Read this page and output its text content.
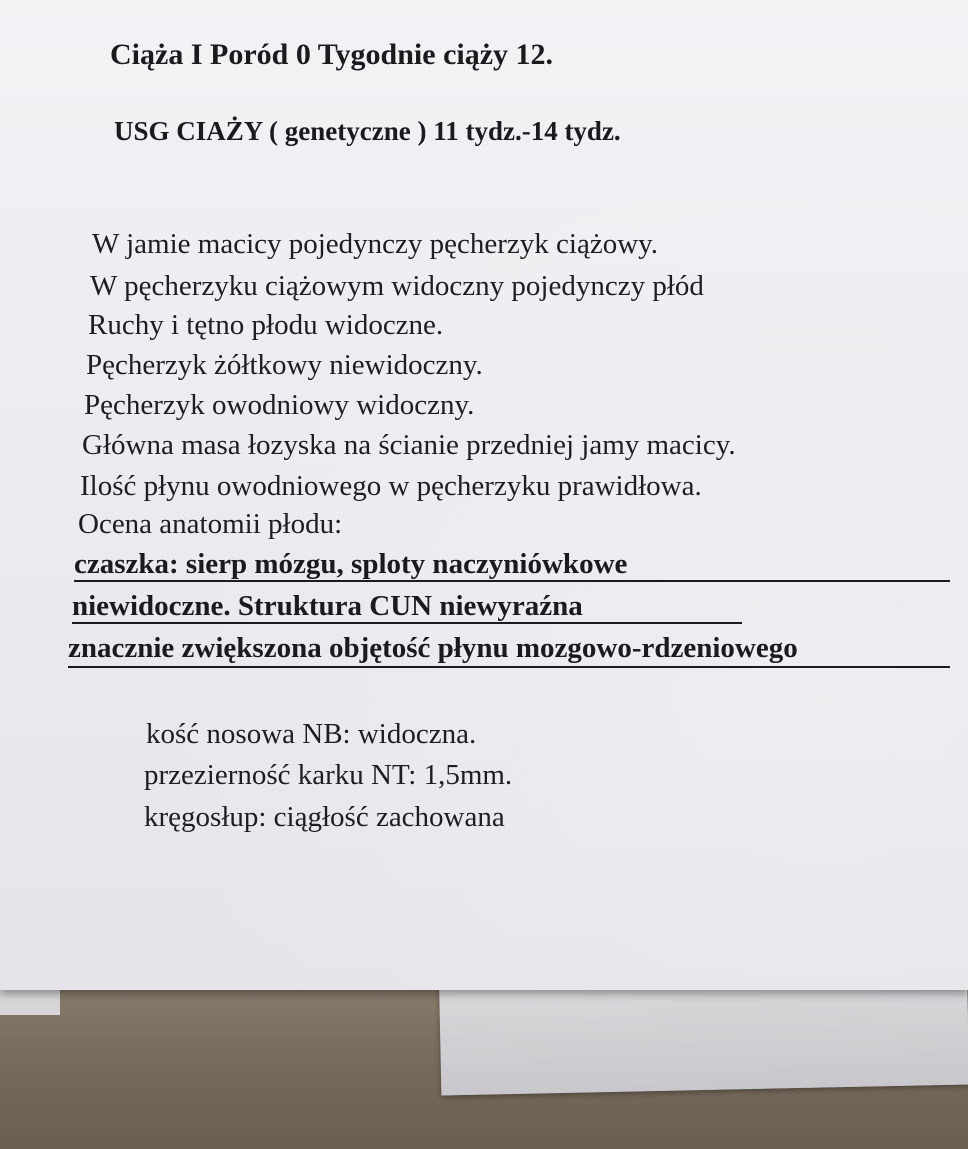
Ciąża I Poród 0 Tygodnie ciąży 12.
USG CIAŻY ( genetyczne ) 11 tydz.-14 tydz.
W jamie macicy pojedynczy pęcherzyk ciążowy.
W pęcherzyku ciążowym widoczny pojedynczy płód
Ruchy i tętno płodu widoczne.
Pęcherzyk żółtkowy niewidoczny.
Pęcherzyk owodniowy widoczny.
Główna masa łozyska na ścianie przedniej jamy macicy.
Ilość płynu owodniowego w pęcherzyku prawidłowa.
Ocena anatomii płodu:
czaszka: sierp mózgu, sploty naczyniówkowe
niewidoczne. Struktura CUN niewyraźna
znacznie zwiększona objętość płynu mozgowo-rdzeniowego
kość nosowa NB: widoczna.
przezierność karku NT: 1,5mm.
kręgosłup: ciągłość zachowana
